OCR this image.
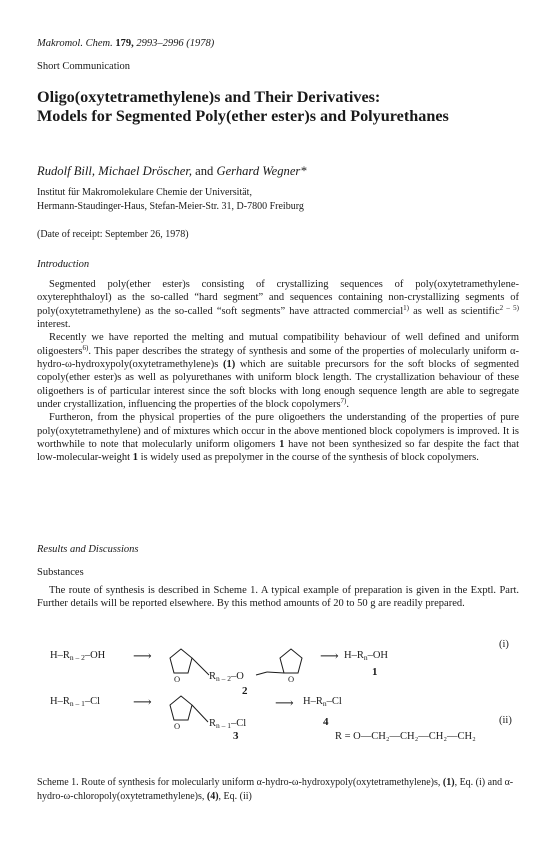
Makromol. Chem. 179, 2993–2996 (1978)
Short Communication
Oligo(oxytetramethylene)s and Their Derivatives:
Models for Segmented Poly(ether ester)s and Polyurethanes
Rudolf Bill, Michael Dröscher, and Gerhard Wegner*
Institut für Makromolekulare Chemie der Universität,
Hermann-Staudinger-Haus, Stefan-Meier-Str. 31, D-7800 Freiburg
(Date of receipt: September 26, 1978)
Introduction

Segmented poly(ether ester)s consisting of crystallizing sequences of poly(oxytetramethylene-oxyterephthaloyl) as the so-called “hard segment” and sequences containing non-crystallizing segments of poly(oxytetramethylene) as the so-called “soft segments” have attracted commercial$^{1)}$ as well as scientific$^{2 - 5)}$ interest.

Recently we have reported the melting and mutual compatibility behaviour of well defined and uniform oligoesters$^{6)}$. This paper describes the strategy of synthesis and some of the properties of molecularly uniform α-hydro-ω-hydroxypoly(oxytetramethylene)s (1) which are suitable precursors for the soft blocks of segmented copoly(ether ester)s as well as polyurethanes with uniform block length. The crystallization behaviour of these oligoethers is of particular interest since the soft blocks with long enough sequence length are able to segregate under crystallization, influencing the properties of the block copolymers$^{7)}$.

Furtheron, from the physical properties of the pure oligoethers the understanding of the properties of pure poly(oxytetramethylene) and of mixtures which occur in the above mentioned block copolymers is improved. It is worthwhile to note that molecularly uniform oligomers 1 have not been synthesized so far despite the fact that low-molecular-weight 1 is widely used as prepolymer in the course of the synthesis of block copolymers.

Results and Discussions
Substances

The route of synthesis is described in Scheme 1. A typical example of preparation is given in the Exptl. Part. Further details will be reported elsewhere. By this method amounts of 20 to 50 g are readily prepared.

$H-R_{n - 2}-OH$ ⟶
O	$R_{n - 2}-O$	O
⟶ $H-R_n-OH$
(i)
2
1
$H-R_{n - 1}-Cl$	⟶
O	$R_{n - 1}-Cl$
⟶ $H-R_n-Cl$
(ii)
3
4
R = O—CH₂—CH₂—CH₂—CH₂
Scheme 1. Route of synthesis for molecularly uniform α-hydro-ω-hydroxypoly(oxytetramethylene)s, (1), Eq. (i) and α-hydro-ω-chloropoly(oxytetramethylene)s, (4), Eq. (ii)
